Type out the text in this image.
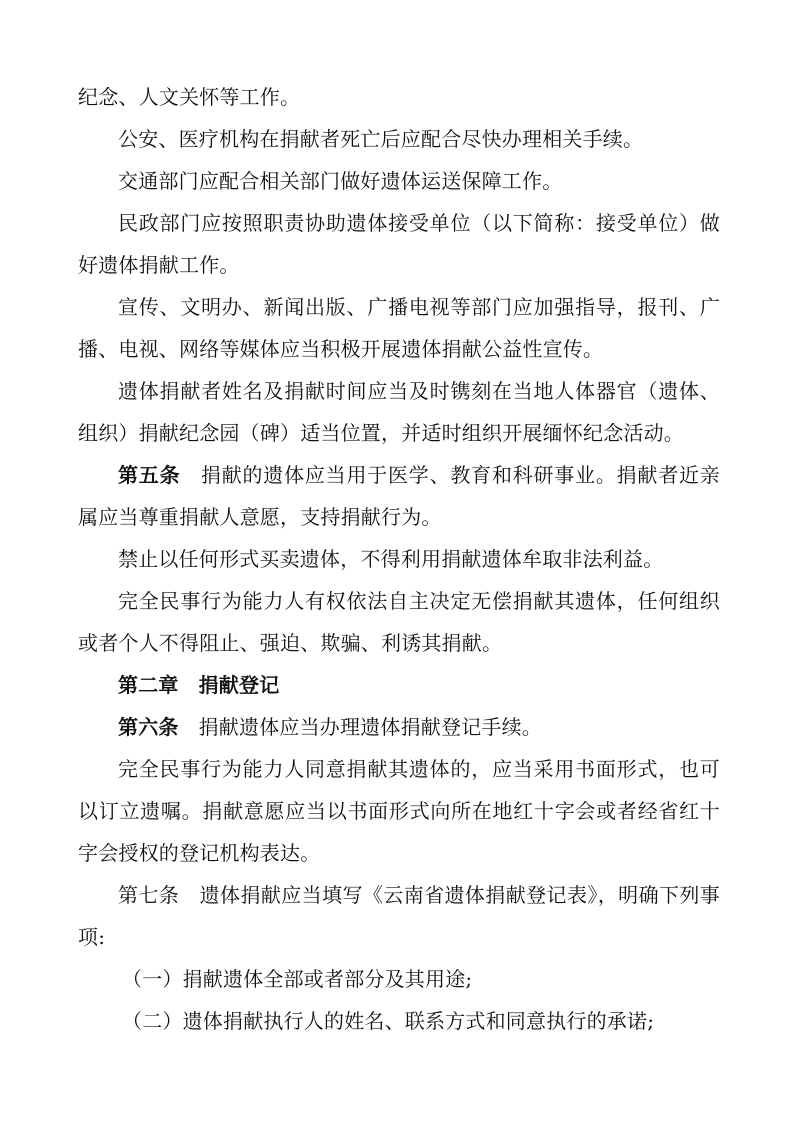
纪念、人文关怀等工作。

公安、医疗机构在捐献者死亡后应配合尽快办理相关手续。

交通部门应配合相关部门做好遗体运送保障工作。

民政部门应按照职责协助遗体接受单位（以下简称：接受单位）做好遗体捐献工作。

宣传、文明办、新闻出版、广播电视等部门应加强指导，报刊、广播、电视、网络等媒体应当积极开展遗体捐献公益性宣传。

遗体捐献者姓名及捐献时间应当及时镌刻在当地人体器官（遗体、组织）捐献纪念园（碑）适当位置，并适时组织开展缅怀纪念活动。

第五条 捐献的遗体应当用于医学、教育和科研事业。捐献者近亲属应当尊重捐献人意愿，支持捐献行为。

禁止以任何形式买卖遗体，不得利用捐献遗体牟取非法利益。

完全民事行为能力人有权依法自主决定无偿捐献其遗体，任何组织或者个人不得阻止、强迫、欺骗、利诱其捐献。

第二章 捐献登记

第六条 捐献遗体应当办理遗体捐献登记手续。

完全民事行为能力人同意捐献其遗体的，应当采用书面形式，也可以订立遗嘱。捐献意愿应当以书面形式向所在地红十字会或者经省红十字会授权的登记机构表达。

第七条　遗体捐献应当填写《云南省遗体捐献登记表》，明确下列事项:

（一）捐献遗体全部或者部分及其用途;

（二）遗体捐献执行人的姓名、联系方式和同意执行的承诺;
